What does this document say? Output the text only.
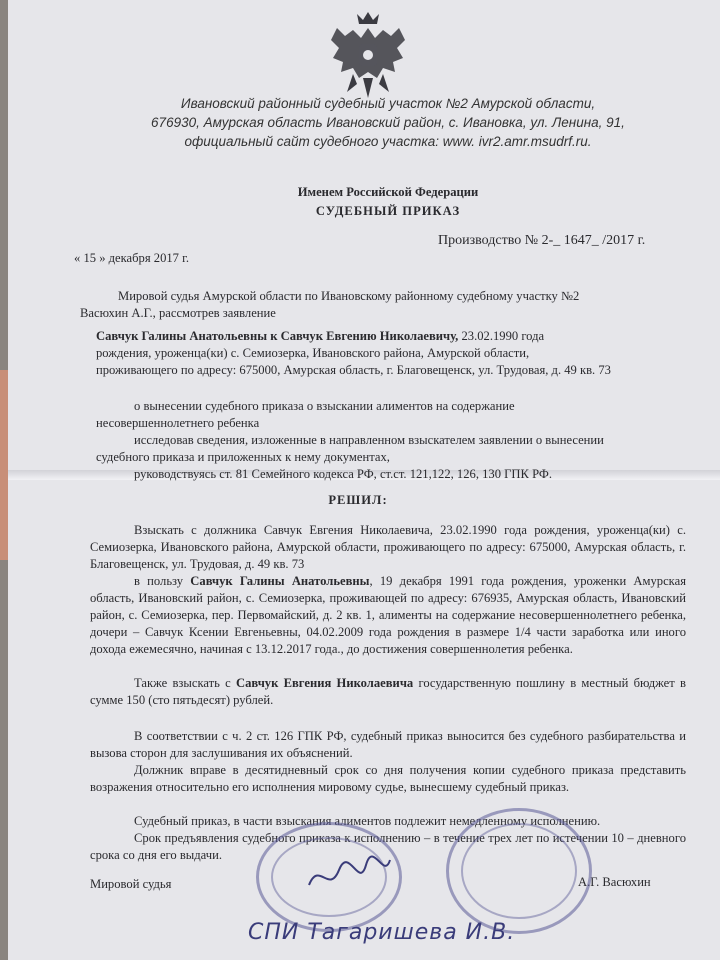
Ивановский районный судебный участок №2 Амурской области,
676930, Амурская область Ивановский район, с. Ивановка, ул. Ленина, 91,
официальный сайт судебного участка: www. ivr2.amr.msudrf.ru.
Именем Российской Федерации
СУДЕБНЫЙ ПРИКАЗ
Производство № 2-_ 1647_ /2017 г.
« 15 » декабря 2017 г.
Мировой судья Амурской области по Ивановскому районному судебному участку №2
Васюхин А.Г., рассмотрев заявление
Савчук Галины Анатольевны к Савчук Евгению Николаевичу, 23.02.1990 года
рождения, уроженца(ки) с. Семиозерка, Ивановского района, Амурской области,
проживающего по адресу: 675000, Амурская область, г. Благовещенск, ул. Трудовая, д. 49 кв. 73
о вынесении судебного приказа о взыскании алиментов на содержание
несовершеннолетнего ребенка
исследовав сведения, изложенные в направленном взыскателем заявлении о вынесении
судебного приказа и приложенных к нему документах,
руководствуясь ст. 81 Семейного кодекса РФ, ст.ст. 121,122, 126, 130 ГПК РФ.
РЕШИЛ:
Взыскать с должника Савчук Евгения Николаевича, 23.02.1990 года рождения, уроженца(ки) с. Семиозерка, Ивановского района, Амурской области, проживающего по адресу: 675000, Амурская область, г. Благовещенск, ул. Трудовая, д. 49 кв. 73
в пользу Савчук Галины Анатольевны, 19 декабря 1991 года рождения, уроженки Амурская область, Ивановский район, с. Семиозерка, проживающей по адресу: 676935, Амурская область, Ивановский район, с. Семиозерка, пер. Первомайский, д. 2 кв. 1, алименты на содержание несовершеннолетнего ребенка, дочери – Савчук Ксении Евгеньевны, 04.02.2009 года рождения в размере 1/4 части заработка или иного дохода ежемесячно, начиная с 13.12.2017 года., до достижения совершеннолетия ребенка.
Также взыскать с Савчук Евгения Николаевича государственную пошлину в местный бюджет в сумме 150 (сто пятьдесят) рублей.
В соответствии с ч. 2 ст. 126 ГПК РФ, судебный приказ выносится без судебного разбирательства и вызова сторон для заслушивания их объяснений.
Должник вправе в десятидневный срок со дня получения копии судебного приказа представить возражения относительно его исполнения мировому судье, вынесшему судебный приказ.
Судебный приказ, в части взыскания алиментов подлежит немедленному исполнению.
Срок предъявления судебного приказа к исполнению – в течение трех лет по истечении 10 – дневного срока со дня его выдачи.
Мировой судья	А.Г. Васюхин
СПИ Тагаришева И.В.
